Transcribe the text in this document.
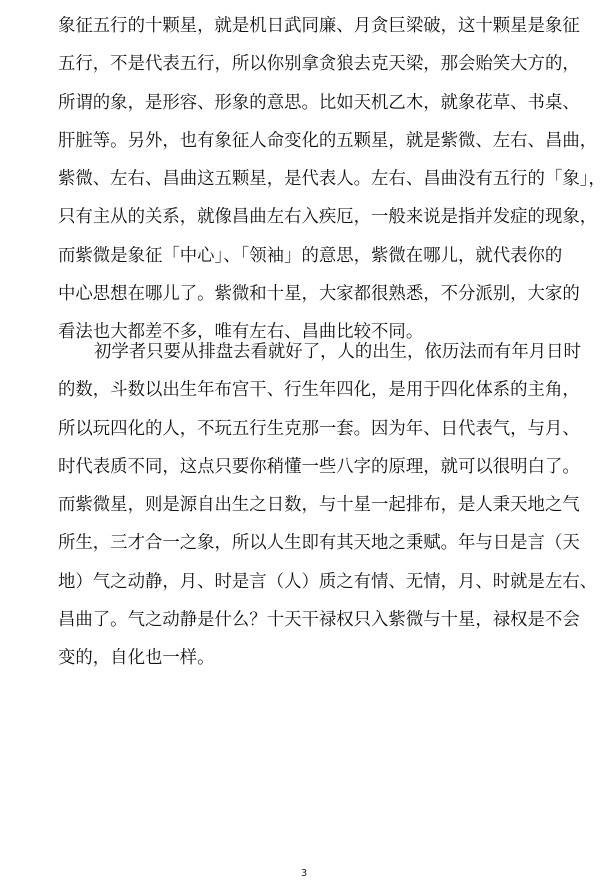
象征五行的十颗星，就是机日武同廉、月贪巨梁破，这十颗星是象征
五行，不是代表五行，所以你别拿贪狼去克天梁，那会贻笑大方的，
所谓的象，是形容、形象的意思。比如天机乙木，就象花草、书桌、
肝脏等。另外，也有象征人命变化的五颗星，就是紫微、左右、昌曲，
紫微、左右、昌曲这五颗星，是代表人。左右、昌曲没有五行的「象」，
只有主从的关系，就像昌曲左右入疾厄，一般来说是指并发症的现象，
而紫微是象征「中心」、「领袖」的意思，紫微在哪儿，就代表你的
中心思想在哪儿了。紫微和十星，大家都很熟悉，不分派别，大家的
看法也大都差不多，唯有左右、昌曲比较不同。
初学者只要从排盘去看就好了，人的出生，依历法而有年月日时
的数，斗数以出生年布宫干、行生年四化，是用于四化体系的主角，
所以玩四化的人，不玩五行生克那一套。因为年、日代表气，与月、
时代表质不同，这点只要你稍懂一些八字的原理，就可以很明白了。
而紫微星，则是源自出生之日数，与十星一起排布，是人秉天地之气
所生，三才合一之象，所以人生即有其天地之秉赋。年与日是言（天
地）气之动静，月、时是言（人）质之有情、无情，月、时就是左右、
昌曲了。气之动静是什么？十天干禄权只入紫微与十星，禄权是不会
变的，自化也一样。
3
